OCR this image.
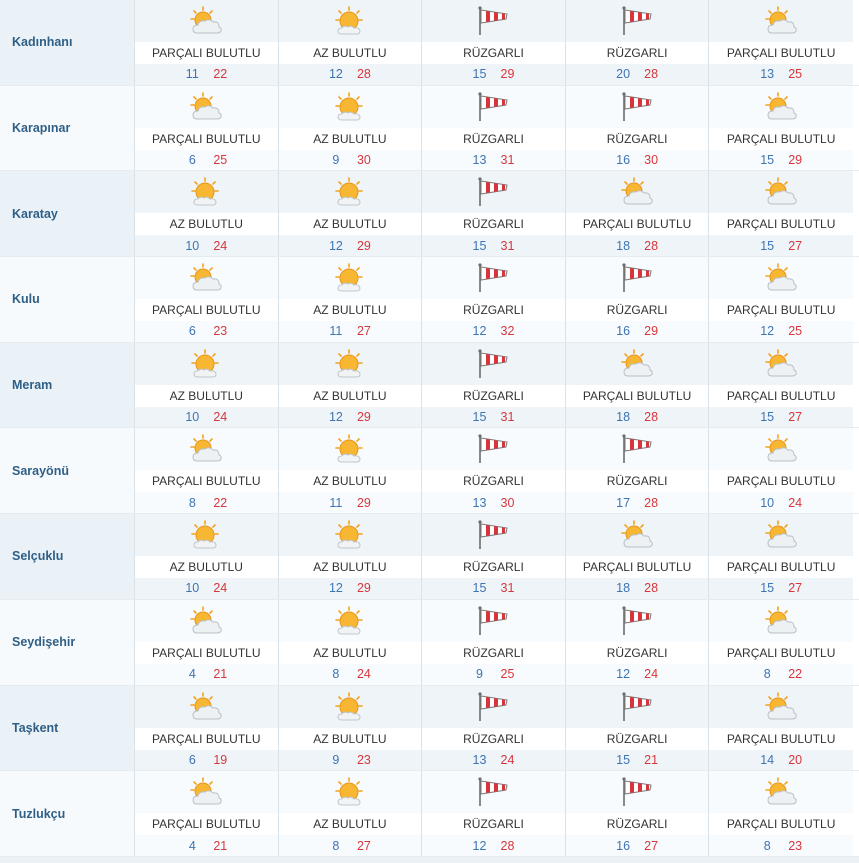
Kadınhanı
PARÇALI BULUTLU
11	22
AZ BULUTLU
12	28
RÜZGARLI
15	29
RÜZGARLI
20	28
PARÇALI BULUTLU
13	25
Karapınar
PARÇALI BULUTLU
6	25
AZ BULUTLU
9	30
RÜZGARLI
13	31
RÜZGARLI
16	30
PARÇALI BULUTLU
15	29
Karatay
AZ BULUTLU
10	24
AZ BULUTLU
12	29
RÜZGARLI
15	31
PARÇALI BULUTLU
18	28
PARÇALI BULUTLU
15	27
Kulu
PARÇALI BULUTLU
6	23
AZ BULUTLU
11	27
RÜZGARLI
12	32
RÜZGARLI
16	29
PARÇALI BULUTLU
12	25
Meram
AZ BULUTLU
10	24
AZ BULUTLU
12	29
RÜZGARLI
15	31
PARÇALI BULUTLU
18	28
PARÇALI BULUTLU
15	27
Sarayönü
PARÇALI BULUTLU
8	22
AZ BULUTLU
11	29
RÜZGARLI
13	30
RÜZGARLI
17	28
PARÇALI BULUTLU
10	24
Selçuklu
AZ BULUTLU
10	24
AZ BULUTLU
12	29
RÜZGARLI
15	31
PARÇALI BULUTLU
18	28
PARÇALI BULUTLU
15	27
Seydişehir
PARÇALI BULUTLU
4	21
AZ BULUTLU
8	24
RÜZGARLI
9	25
RÜZGARLI
12	24
PARÇALI BULUTLU
8	22
Taşkent
PARÇALI BULUTLU
6	19
AZ BULUTLU
9	23
RÜZGARLI
13	24
RÜZGARLI
15	21
PARÇALI BULUTLU
14	20
Tuzlukçu
PARÇALI BULUTLU
4	21
AZ BULUTLU
8	27
RÜZGARLI
12	28
RÜZGARLI
16	27
PARÇALI BULUTLU
8	23
